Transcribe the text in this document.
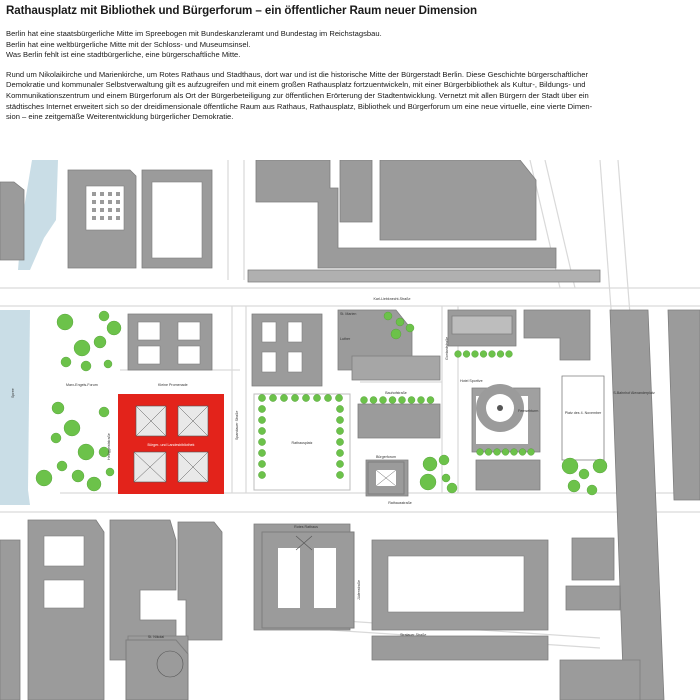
Rathausplatz mit Bibliothek und Bürgerforum – ein öffentlicher Raum neuer Dimension

Berlin hat eine staatsbürgerliche Mitte im Spreebogen mit Bundeskanzleramt und Bundestag im Reichstagsbau.

Berlin hat eine weltbürgerliche Mitte mit der Schloss- und Museumsinsel.

Was Berlin fehlt ist eine stadtbürgerliche, eine bürgerschaftliche Mitte.

Rund um Nikolaikirche und Marienkirche, um Rotes Rathaus und Stadthaus, dort war und ist die historische Mitte der Bürgerstadt Berlin. Diese Geschichte bürgerschaftlicher

Demokratie und kommunaler Selbstverwaltung gilt es aufzugreifen und mit einem großen Rathausplatz fortzuentwickeln, mit einer Bürgerbibliothek als Kultur-, Bildungs- und

Kommunikationszentrum und einem Bürgerforum als Ort der Bürgerbeteiligung zur öffentlichen Erörterung der Stadtentwicklung. Vernetzt mit allen Bürgern der Stadt über ein

städtisches Internet erweitert sich so der dreidimensionale öffentliche Raum aus Rathaus, Rathausplatz, Bibliothek und Bürgerforum um eine neue virtuelle, eine vierte Dimen-

sion – eine zeitgemäße Weiterentwicklung bürgerlicher Demokratie.

Karl-Liebknecht-Straße
St. Marien
Luther
Marx-Engels-Forum	Kleine Promenade
Heiliggeiststraße
Spandauer Straße
Bürger- und Landesbibliothek	Rathausplatz
Bürgerforum
Rathausstraße
Rotes Rathaus
Jüdenstraße
St. Nikolai
Spree
Fernsehturm
Hotel Sportive
Platz des 4. November
S-Bahnhof Alexanderplatz
Gontardstraße
Stralauer Straße
Bauhofstraße
